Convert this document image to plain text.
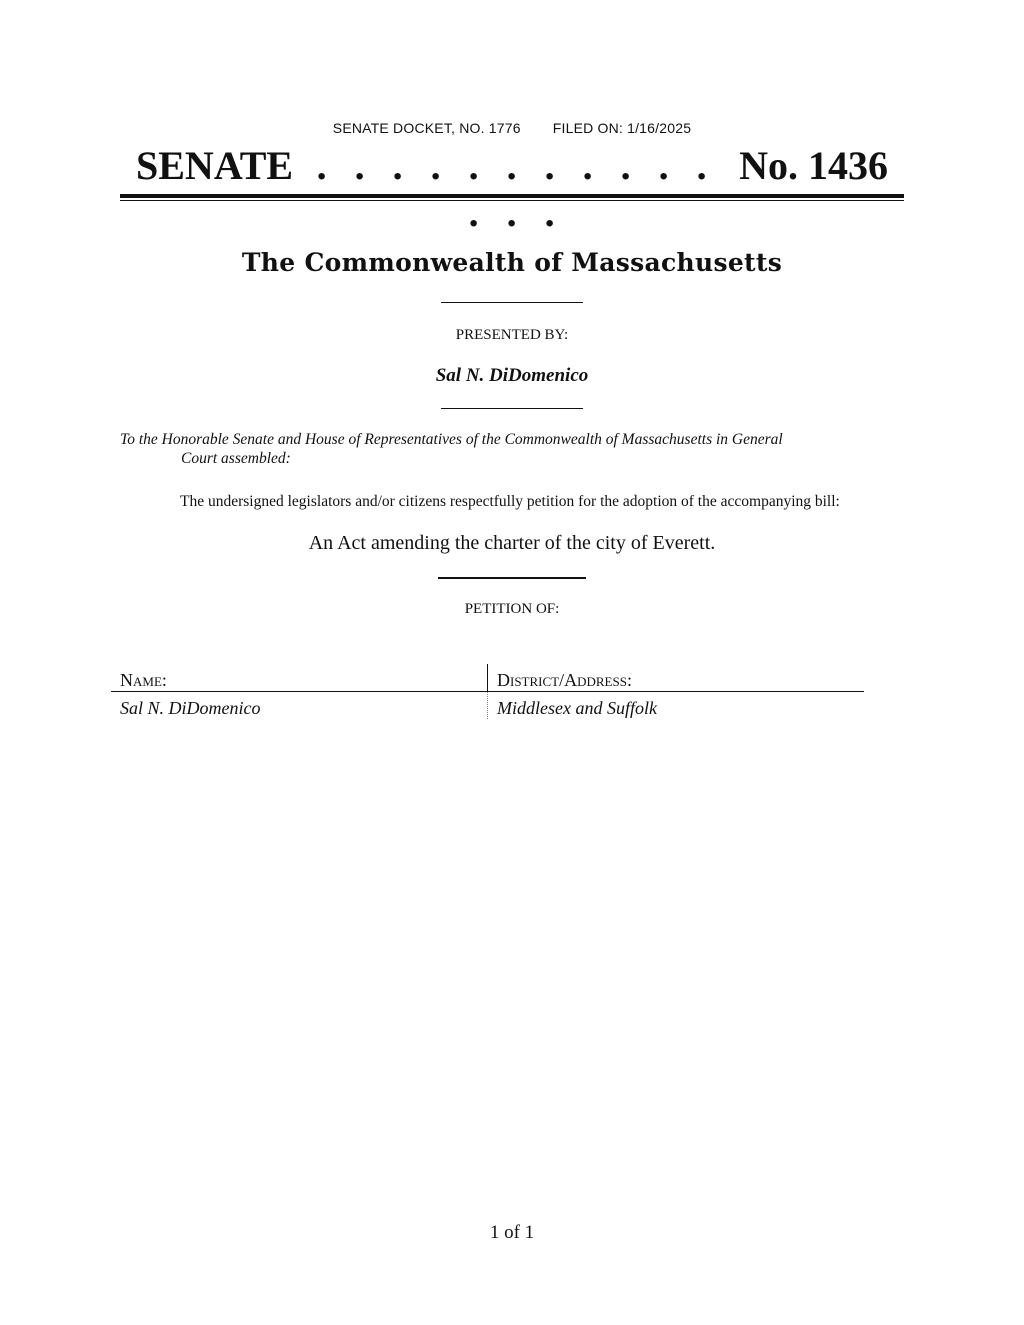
SENATE DOCKET, NO. 1776 FILED ON: 1/16/2025
SENATE . . . . . . . . . . . . . .
No. 1436
The Commonwealth of Massachusetts
PRESENTED BY:
Sal N. DiDomenico
To the Honorable Senate and House of Representatives of the Commonwealth of Massachusetts in General
Court assembled:
The undersigned legislators and/or citizens respectfully petition for the adoption of the accompanying bill:
An Act amending the charter of the city of Everett.
PETITION OF:
Name:	District/Address:
Sal N. DiDomenico	Middlesex and Suffolk
1 of 1
